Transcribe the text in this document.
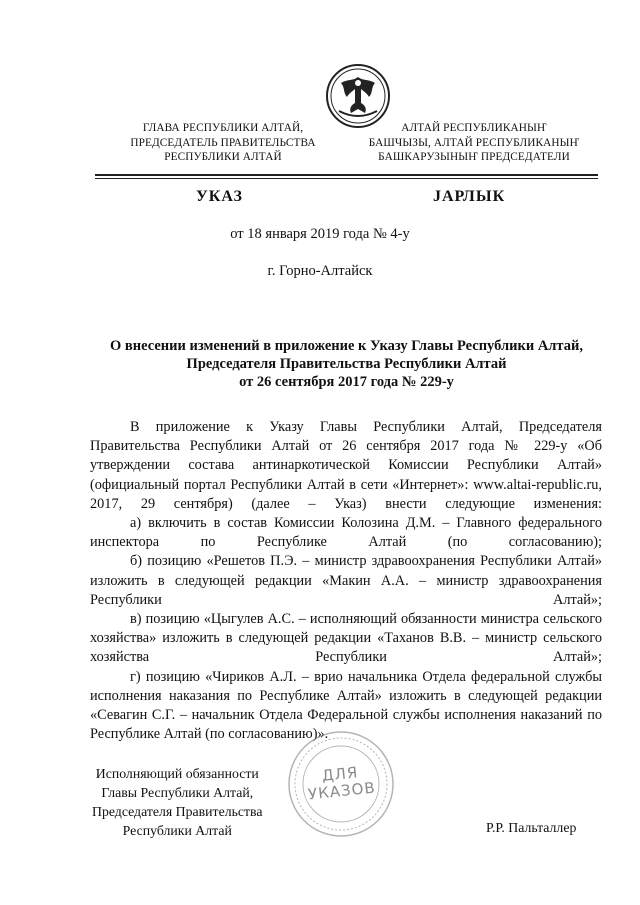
ГЛАВА РЕСПУБЛИКИ АЛТАЙ,
ПРЕДСЕДАТЕЛЬ ПРАВИТЕЛЬСТВА
РЕСПУБЛИКИ АЛТАЙ
АЛТАЙ РЕСПУБЛИКАНЫҤ
БАШЧЫЗЫ, АЛТАЙ РЕСПУБЛИКАНЫҤ
БАШКАРУЗЫНЫҤ ПРЕДСЕДАТЕЛИ
УКАЗ	ЈАРЛЫК
от 18 января 2019 года № 4-у
г. Горно-Алтайск
О внесении изменений в приложение к Указу Главы Республики Алтай,
Председателя Правительства Республики Алтай
от 26 сентября 2017 года № 229-у

В приложение к Указу Главы Республики Алтай, Председателя Правительства Республики Алтай от 26 сентября 2017 года № 229-у «Об утверждении состава антинаркотической Комиссии Республики Алтай» (официальный портал Республики Алтай в сети «Интернет»: www.altai-republic.ru, 2017, 29 сентября) (далее – Указ) внести следующие изменения:

а) включить в состав Комиссии Колозина Д.М. – Главного федерального инспектора по Республике Алтай (по согласованию);

б) позицию «Решетов П.Э. – министр здравоохранения Республики Алтай» изложить в следующей редакции «Макин А.А. – министр здравоохранения Республики Алтай»;

в) позицию «Цыгулев А.С. – исполняющий обязанности министра сельского хозяйства» изложить в следующей редакции «Таханов В.В. – министр сельского хозяйства Республики Алтай»;

г) позицию «Чириков А.Л. – врио начальника Отдела федеральной службы исполнения наказания по Республике Алтай» изложить в следующей редакции «Севагин С.Г. – начальник Отдела Федеральной службы исполнения наказаний по Республике Алтай (по согласованию)».

ДЛЯ
УКАЗОВ
Исполняющий обязанности
Главы Республики Алтай,
Председателя Правительства
Республики Алтай	Р.Р. Пальталлер
